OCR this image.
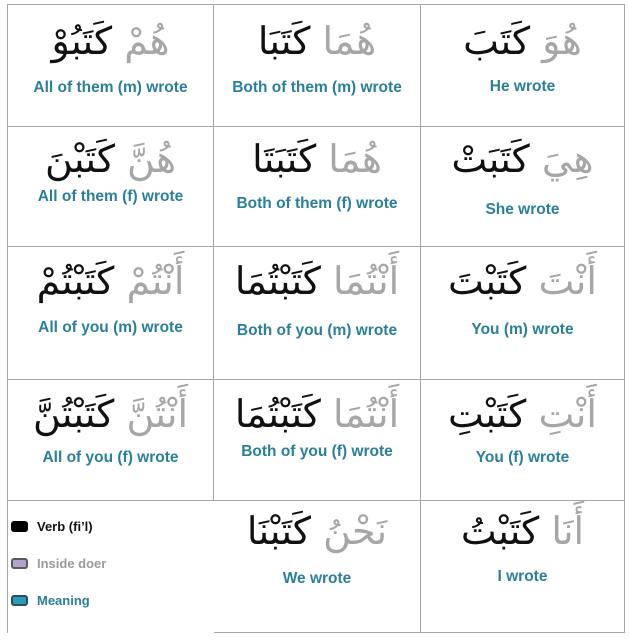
هُمْ كَتَبُوْ
All of them (m) wrote
هُمَا كَتَبَا
Both of them (m) wrote
هُوَ كَتَبَ
He wrote
هُنَّ كَتَبْنَ
All of them (f) wrote
هُمَا كَتَبَتَا
Both of them (f) wrote
هِيَ كَتَبَتْ
She wrote
أَنْتُمْ كَتَبْتُمْ
All of you (m) wrote
أَنْتُمَا كَتَبْتُمَا
Both of you (m) wrote
أَنْتَ كَتَبْتَ
You (m) wrote
أَنْتُنَّ كَتَبْتُنَّ
All of you (f) wrote
أَنْتُمَا كَتَبْتُمَا
Both of you (f) wrote
أَنْتِ كَتَبْتِ
You (f) wrote
Verb (fi’l)
Inside doer
Meaning
نَحْنُ كَتَبْنَا
We wrote
أَنَا كَتَبْتُ
I wrote
